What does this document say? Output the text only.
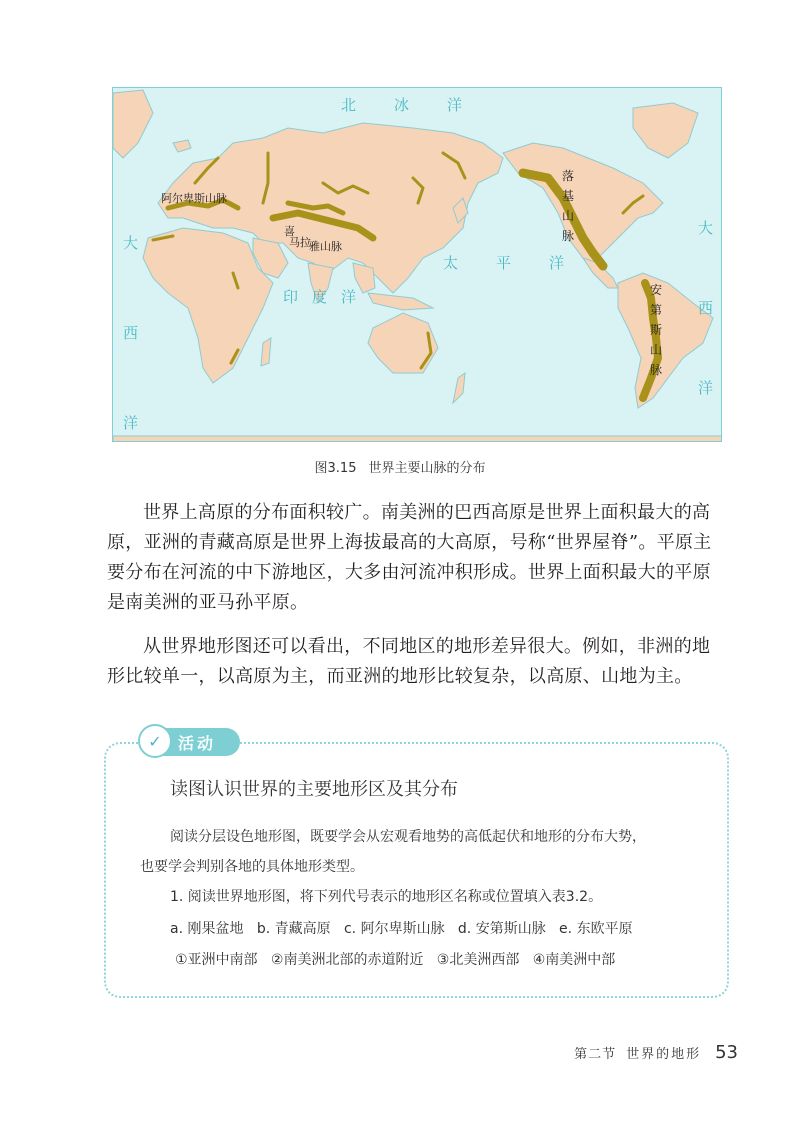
北冰洋
大
西
洋
大
西
洋
印度洋
太平洋
阿尔卑斯山脉
喜
马拉
雅山脉
落
基
山
脉
安
第
斯
山
脉
图3.15 世界主要山脉的分布

世界上高原的分布面积较广。南美洲的巴西高原是世界上面积最大的高原，亚洲的青藏高原是世界上海拔最高的大高原，号称“世界屋脊”。平原主要分布在河流的中下游地区，大多由河流冲积形成。世界上面积最大的平原是南美洲的亚马孙平原。

从世界地形图还可以看出，不同地区的地形差异很大。例如，非洲的地形比较单一，以高原为主，而亚洲的地形比较复杂，以高原、山地为主。

✓	活动
读图认识世界的主要地形区及其分布
阅读分层设色地形图，既要学会从宏观看地势的高低起伏和地形的分布大势，
也要学会判别各地的具体地形类型。
1. 阅读世界地形图，将下列代号表示的地形区名称或位置填入表3.2。
a. 刚果盆地   b. 青藏高原   c. 阿尔卑斯山脉   d. 安第斯山脉   e. 东欧平原
①亚洲中南部   ②南美洲北部的赤道附近   ③北美洲西部   ④南美洲中部
第二节 世界的地形 53
